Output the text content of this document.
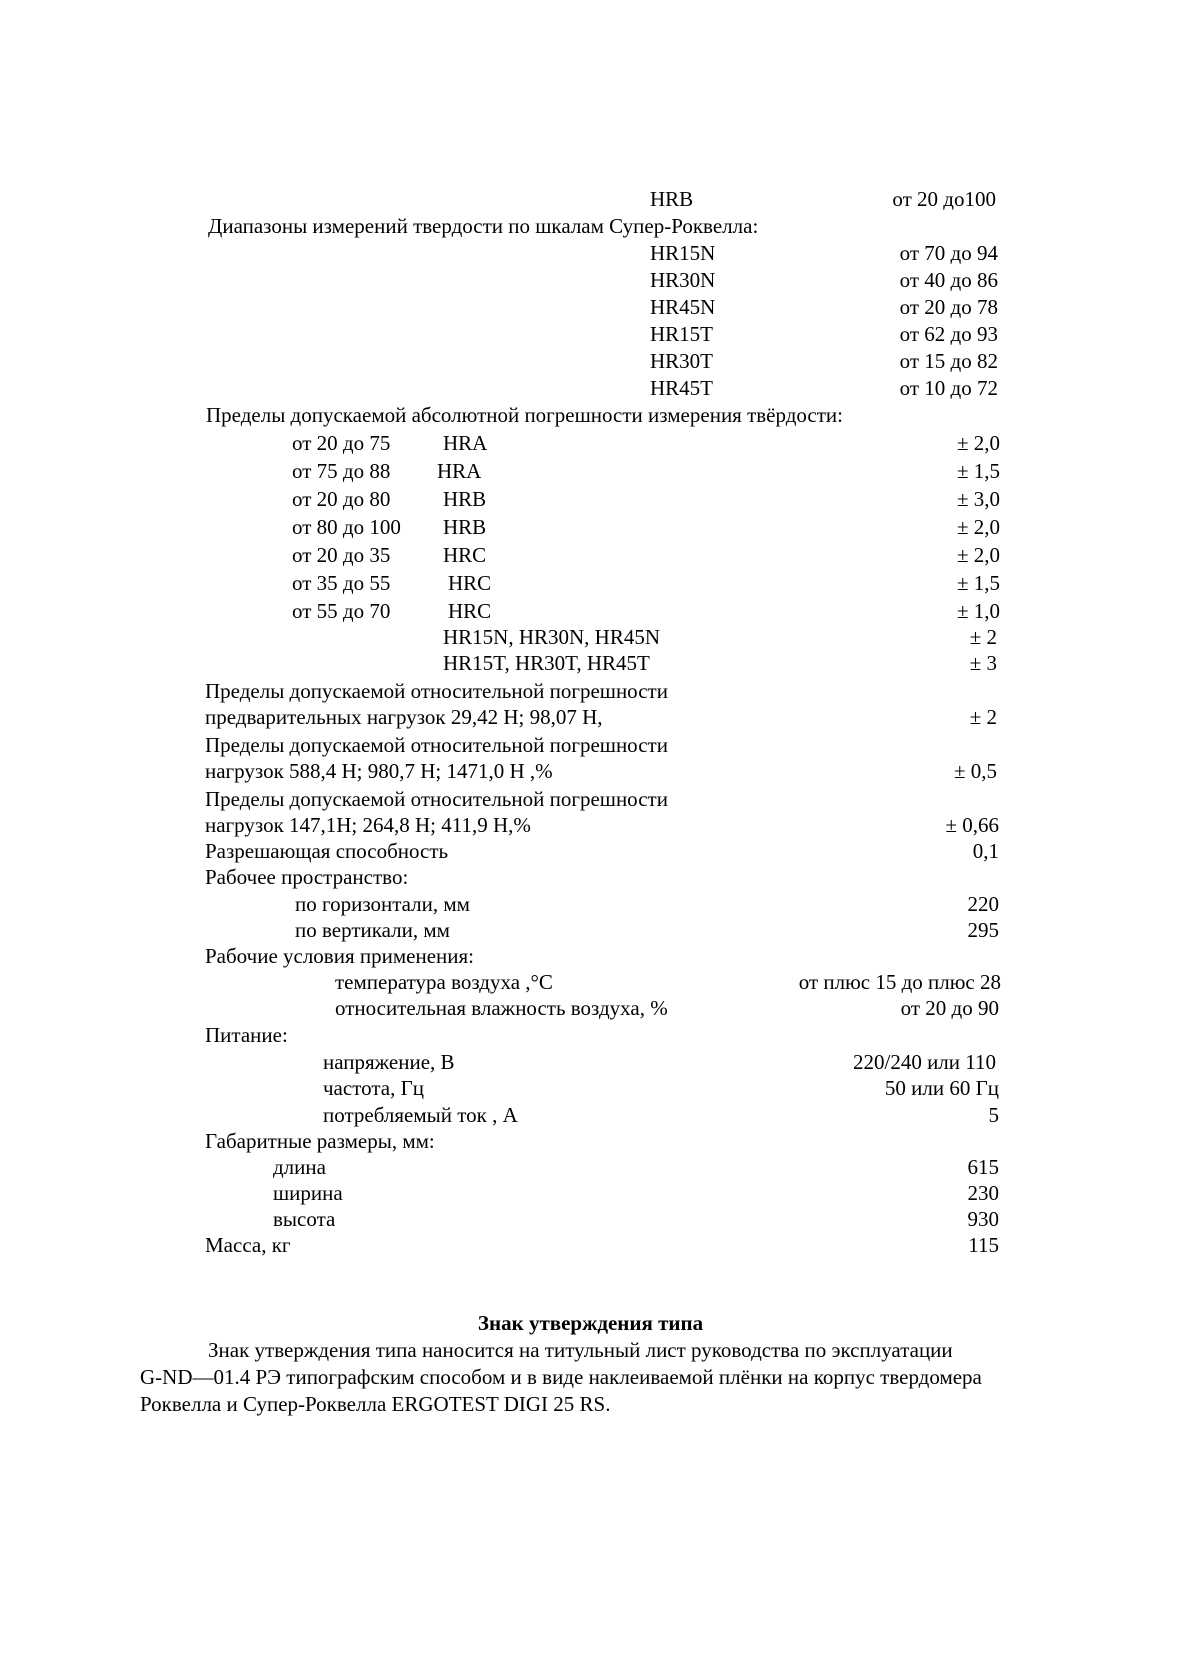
HRB	от 20 до100
Диапазоны измерений твердости по шкалам Супер-Роквелла:
HR15N	от 70 до 94
HR30N	от 40 до 86
HR45N	от 20 до 78
HR15T	от 62 до 93
HR30T	от 15 до 82
HR45T	от 10 до 72
Пределы допускаемой абсолютной погрешности измерения твёрдости:
от 20 до 75	HRA	± 2,0
от 75 до 88 HRA	± 1,5
от 20 до 80	HRB	± 3,0
от 80 до 100 HRB	± 2,0
от 20 до 35	HRC	± 2,0
от 35 до 55	HRC	± 1,5
от 55 до 70	HRC	± 1,0
HR15N, HR30N, HR45N	± 2
HR15T, HR30T, HR45T	± 3
Пределы допускаемой относительной погрешности
предварительных нагрузок 29,42 Н; 98,07 Н,	± 2
Пределы допускаемой относительной погрешности
нагрузок 588,4 Н; 980,7 Н; 1471,0 Н ,%	± 0,5
Пределы допускаемой относительной погрешности
нагрузок 147,1Н; 264,8 Н; 411,9 Н,%	± 0,66
Разрешающая способность	0,1
Рабочее пространство:
по горизонтали, мм	220
по вертикали, мм	295
Рабочие условия применения:
температура воздуха ,°С	от плюс 15 до плюс 28
относительная влажность воздуха, %	от 20 до 90
Питание:
напряжение, В	220/240 или 110
частота, Гц	50 или 60 Гц
потребляемый ток , А	5
Габаритные размеры, мм:
длина	615
ширина	230
высота	930
Масса, кг	115
Знак утверждения типа
Знак утверждения типа наносится на титульный лист руководства по эксплуатации
G-ND—01.4 РЭ типографским способом и в виде наклеиваемой плёнки на корпус твердомера
Роквелла и Супер-Роквелла ERGOTEST DIGI 25 RS.
